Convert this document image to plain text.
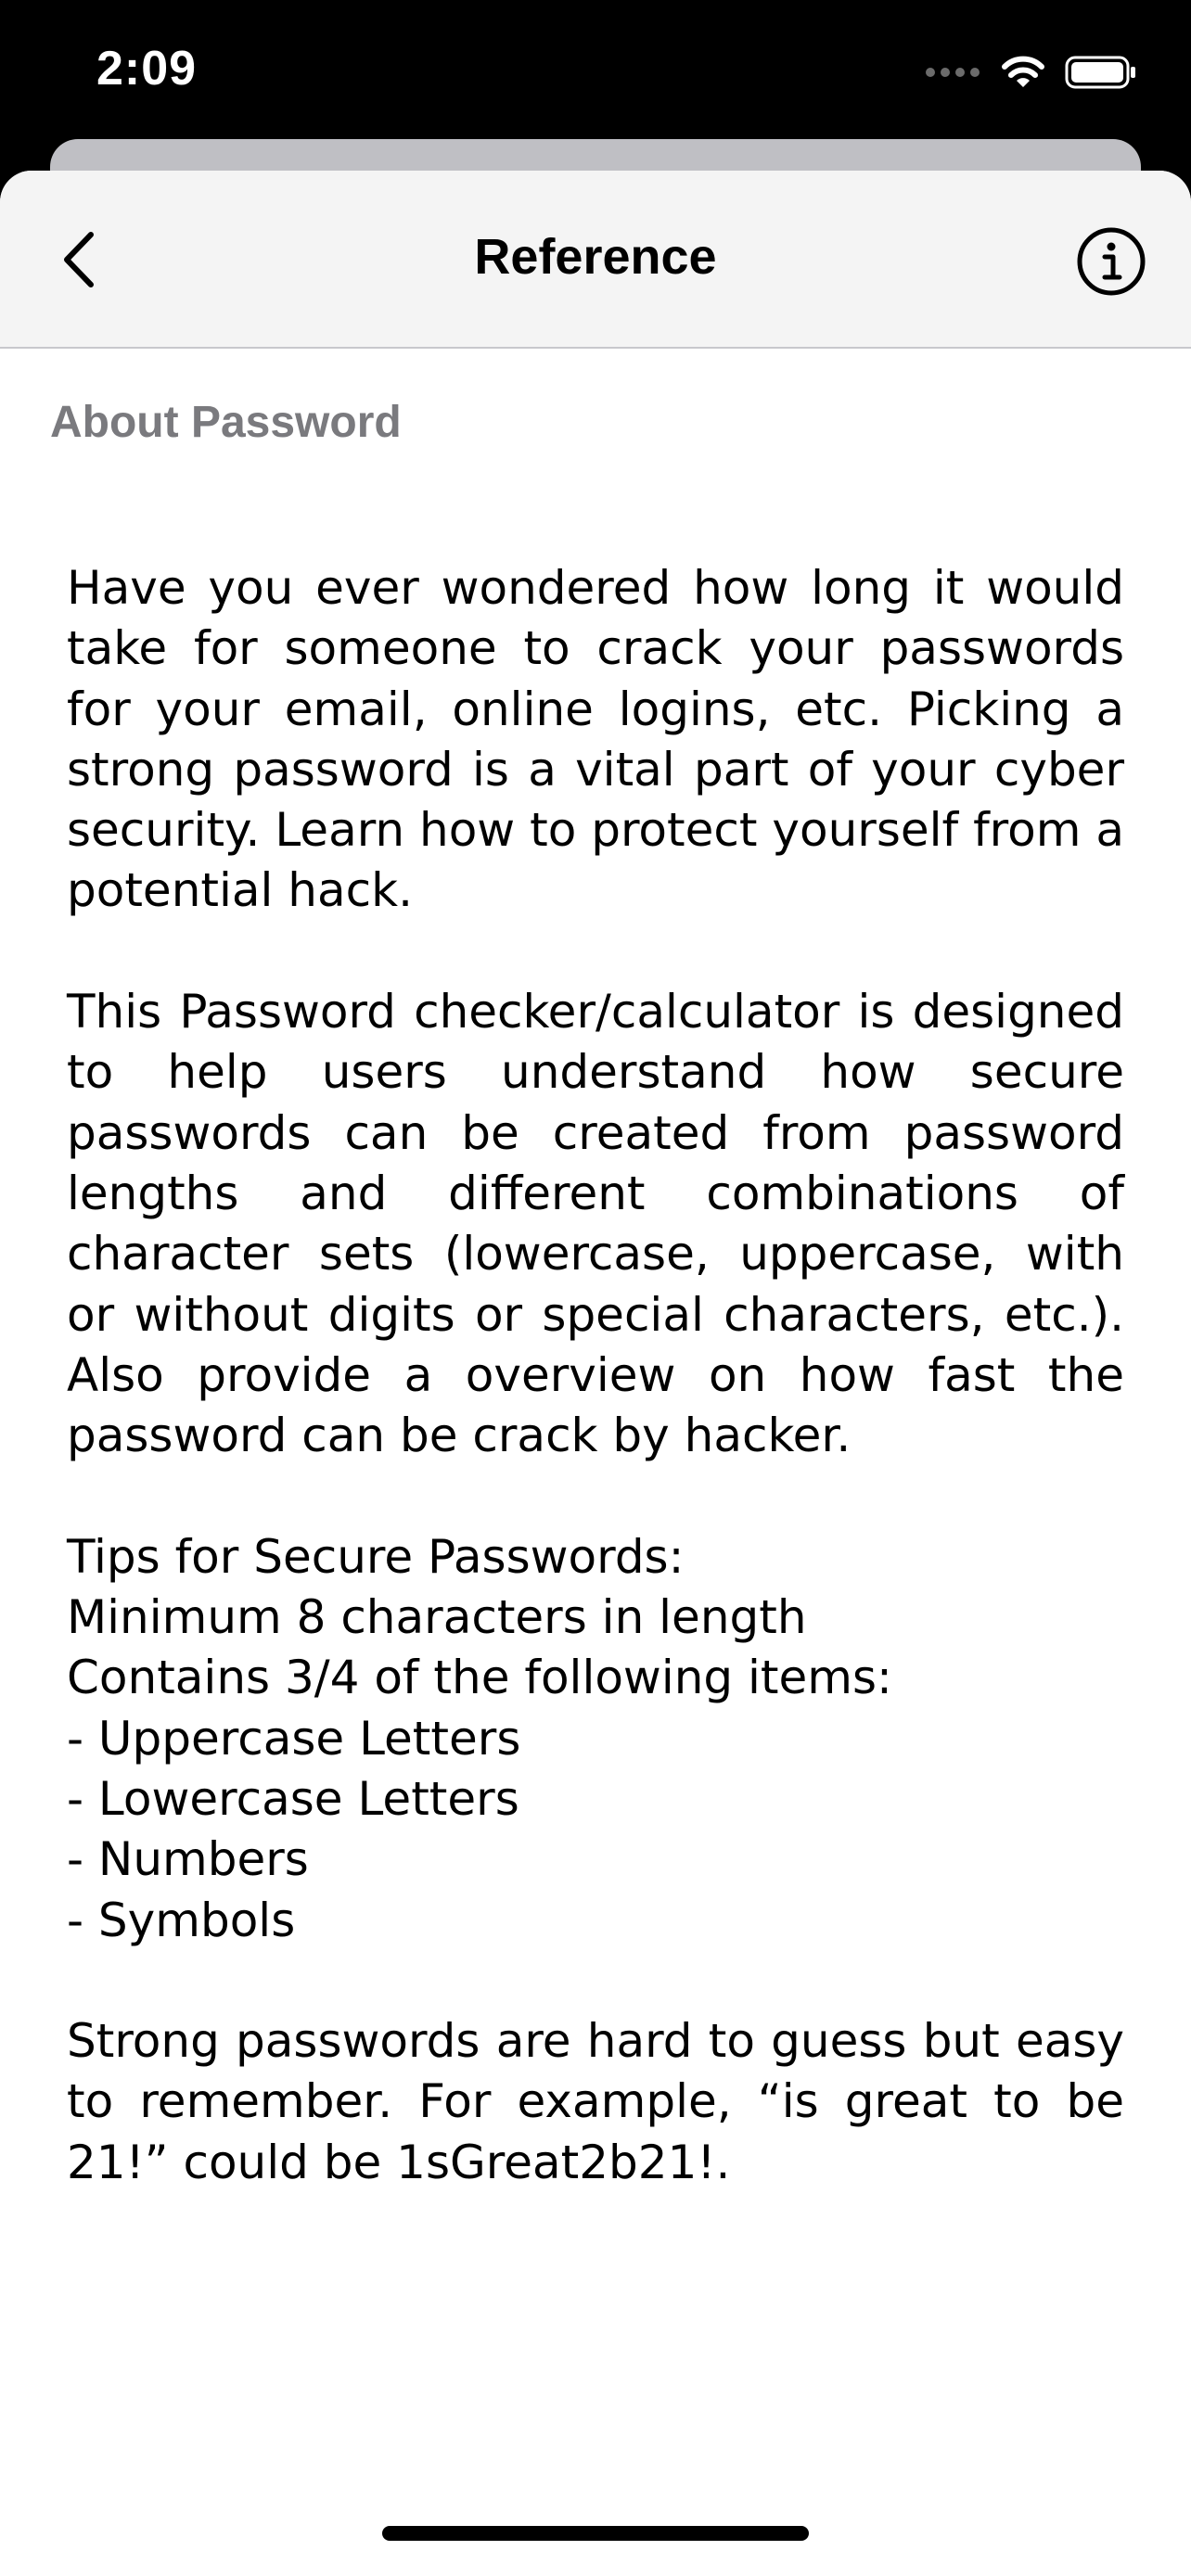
2:09
Reference
About Password

Have you ever wondered how long it would take for someone to crack your passwords for your email, online logins, etc. Picking a strong password is a vital part of your cyber security. Learn how to protect yourself from a potential hack.

This Password checker/calculator is designed to help users understand how secure passwords can be created from password lengths and different combinations of character sets (lowercase, uppercase, with or without digits or special characters, etc.). Also provide a overview on how fast the password can be crack by hacker.

Tips for Secure Passwords:
Minimum 8 characters in length
Contains 3/4 of the following items:
- Uppercase Letters
- Lowercase Letters
- Numbers
- Symbols

Strong passwords are hard to guess but easy to remember. For example, “is great to be 21!” could be 1sGreat2b21!.
